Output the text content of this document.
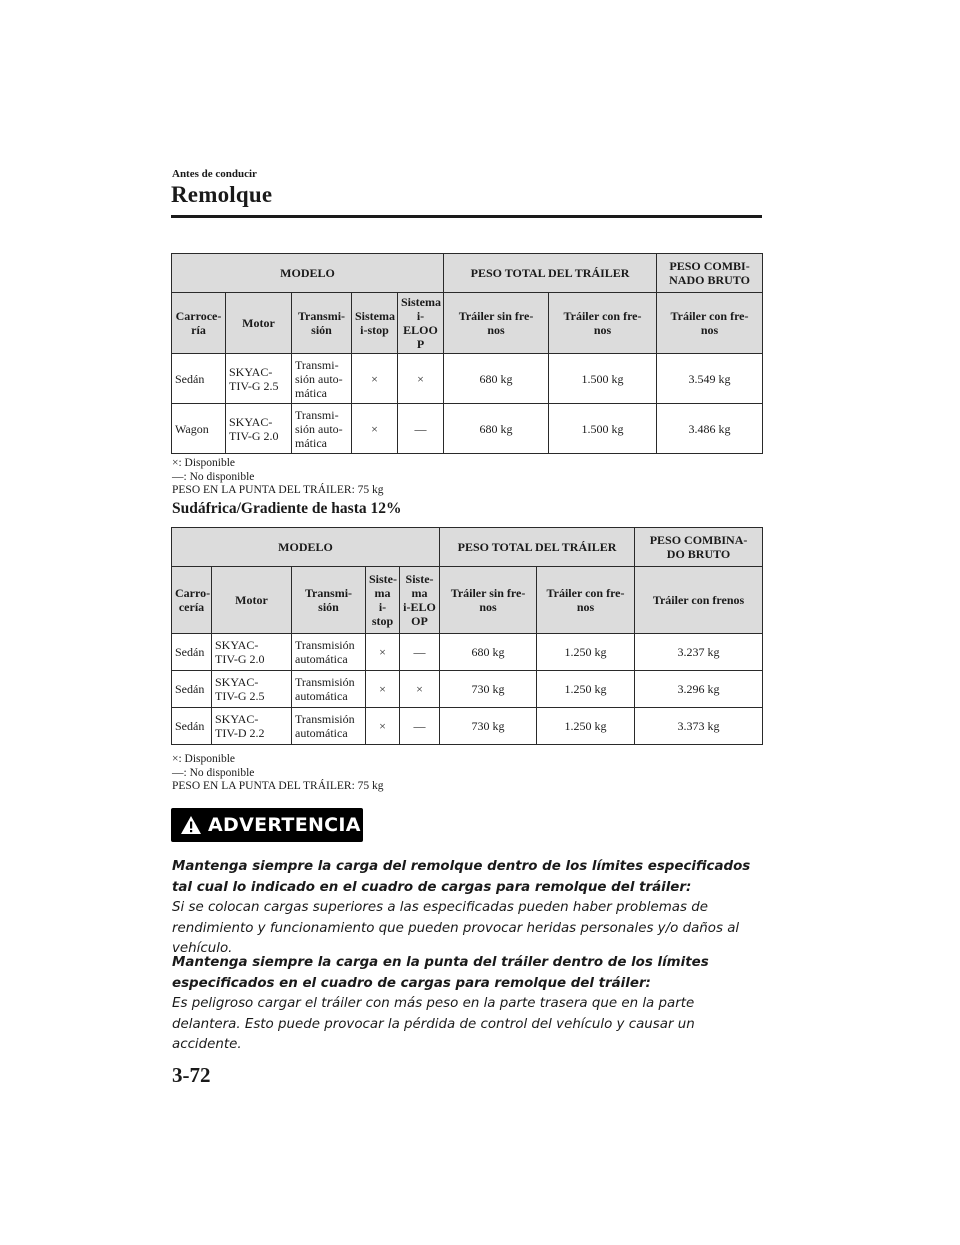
Antes de conducir
Remolque
MODELO					PESO TOTAL DEL TRÁILER		PESO COMBI-
NADO BRUTO
Carroce-
ría	Motor	Transmi-
sión	Sistema
i-stop	Sistema
i-ELOO
P	Tráiler sin fre-
nos	Tráiler con fre-
nos	Tráiler con fre-
nos
Sedán	SKYAC-
TIV-G 2.5	Transmi-
sión auto-
mática	×	×	680 kg	1.500 kg	3.549 kg
Wagon	SKYAC-
TIV-G 2.0	Transmi-
sión auto-
mática	×	—	680 kg	1.500 kg	3.486 kg
×: Disponible
—: No disponible
PESO EN LA PUNTA DEL TRÁILER: 75 kg
Sudáfrica/Gradiente de hasta 12%
MODELO					PESO TOTAL DEL TRÁILER		PESO COMBINA-
DO BRUTO
Carro-
cería	Motor	Transmi-
sión	Siste-
ma
i-stop	Siste-
ma
i-ELO
OP	Tráiler sin fre-
nos	Tráiler con fre-
nos	Tráiler con frenos
Sedán	SKYAC-
TIV-G 2.0	Transmisión
automática	×	—	680 kg	1.250 kg	3.237 kg
Sedán	SKYAC-
TIV-G 2.5	Transmisión
automática	×	×	730 kg	1.250 kg	3.296 kg
Sedán	SKYAC-
TIV-D 2.2	Transmisión
automática	×	—	730 kg	1.250 kg	3.373 kg
×: Disponible
—: No disponible
PESO EN LA PUNTA DEL TRÁILER: 75 kg
ADVERTENCIA
Mantenga siempre la carga del remolque dentro de los límites especificados tal cual lo indicado en el cuadro de cargas para remolque del tráiler:
Si se colocan cargas superiores a las especificadas pueden haber problemas de rendimiento y funcionamiento que pueden provocar heridas personales y/o daños al vehículo.
Mantenga siempre la carga en la punta del tráiler dentro de los límites especificados en el cuadro de cargas para remolque del tráiler:
Es peligroso cargar el tráiler con más peso en la parte trasera que en la parte delantera. Esto puede provocar la pérdida de control del vehículo y causar un accidente.
3-72
